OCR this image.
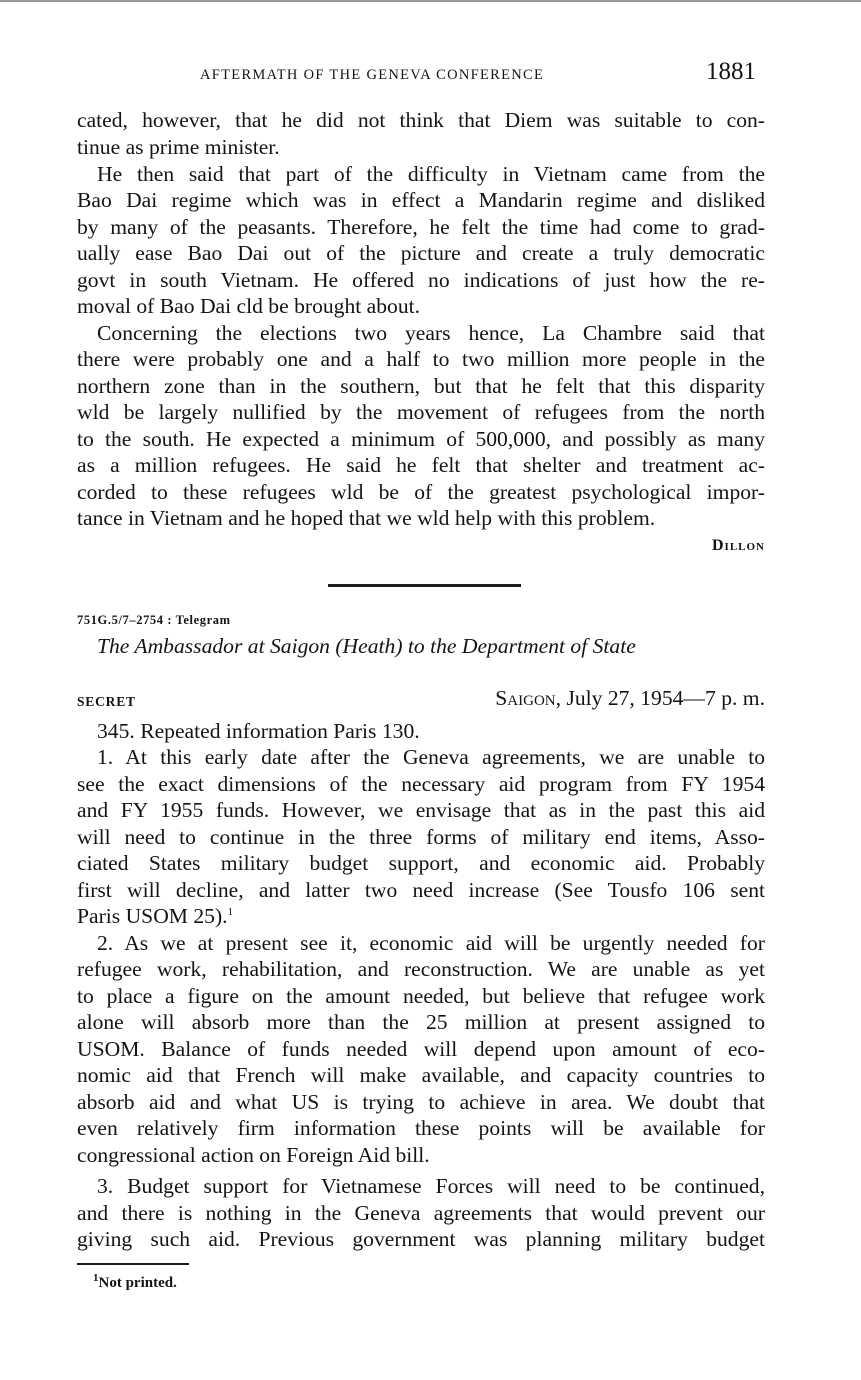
AFTERMATH OF THE GENEVA CONFERENCE	1881
cated, however, that he did not think that Diem was suitable to con-
tinue as prime minister.
He then said that part of the difficulty in Vietnam came from the
Bao Dai regime which was in effect a Mandarin regime and disliked
by many of the peasants. Therefore, he felt the time had come to grad-
ually ease Bao Dai out of the picture and create a truly democratic
govt in south Vietnam. He offered no indications of just how the re-
moval of Bao Dai cld be brought about.
Concerning the elections two years hence, La Chambre said that
there were probably one and a half to two million more people in the
northern zone than in the southern, but that he felt that this disparity
wld be largely nullified by the movement of refugees from the north
to the south. He expected a minimum of 500,000, and possibly as many
as a million refugees. He said he felt that shelter and treatment ac-
corded to these refugees wld be of the greatest psychological impor-
tance in Vietnam and he hoped that we wld help with this problem.
Dillon
751G.5/7–2754 : Telegram
The Ambassador at Saigon (Heath) to the Department of State
SECRET	Saigon, July 27, 1954—7 p. m.
345. Repeated information Paris 130.
1. At this early date after the Geneva agreements, we are unable to
see the exact dimensions of the necessary aid program from FY 1954
and FY 1955 funds. However, we envisage that as in the past this aid
will need to continue in the three forms of military end items, Asso-
ciated States military budget support, and economic aid. Probably
first will decline, and latter two need increase (See Tousfo 106 sent
Paris USOM 25).$^1$
2. As we at present see it, economic aid will be urgently needed for
refugee work, rehabilitation, and reconstruction. We are unable as yet
to place a figure on the amount needed, but believe that refugee work
alone will absorb more than the 25 million at present assigned to
USOM. Balance of funds needed will depend upon amount of eco-
nomic aid that French will make available, and capacity countries to
absorb aid and what US is trying to achieve in area. We doubt that
even relatively firm information these points will be available for
congressional action on Foreign Aid bill.
3. Budget support for Vietnamese Forces will need to be continued,
and there is nothing in the Geneva agreements that would prevent our
giving such aid. Previous government was planning military budget
$^1$Not printed.
